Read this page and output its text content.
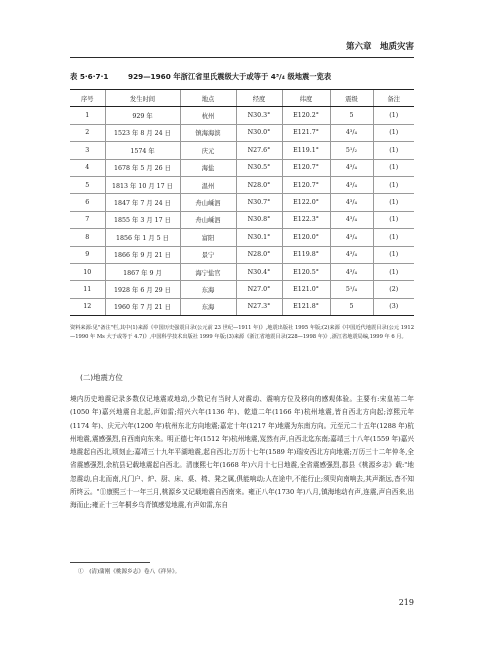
第六章　地质灾害
表 5·6·7·1	929—1960 年浙江省里氏震级大于或等于 4³/₄ 级地震一览表
序号	发生时间	地点	经度	纬度	震级	备注
1	929 年	杭州	N30.3°	E120.2°	5	(1)
2	1523 年 8 月 24 日	镇海海滨	N30.0°	E121.7°	4³/₄	(1)
3	1574 年	庆元	N27.6°	E119.1°	5¹/₂	(1)
4	1678 年 5 月 26 日	海盐	N30.5°	E120.7°	4³/₄	(1)
5	1813 年 10 月 17 日	温州	N28.0°	E120.7°	4³/₄	(1)
6	1847 年 7 月 24 日	舟山嵊泗	N30.7°	E122.0°	4³/₄	(1)
7	1855 年 3 月 17 日	舟山嵊泗	N30.8°	E122.3°	4³/₄	(1)
8	1856 年 1 月 5 日	富阳	N30.1°	E120.0°	4³/₄	(1)
9	1866 年 9 月 21 日	景宁	N28.0°	E119.8°	4³/₄	(1)
10	1867 年 9 月	海宁盐官	N30.4°	E120.5°	4³/₄	(1)
11	1928 年 6 月 29 日	东海	N27.0°	E121.0°	5¹/₄	(2)
12	1960 年 7 月 21 日	东海	N27.3°	E121.8°	5	(3)

资料来源:见"备注"栏,其中(1)来源《中国历史强震目录(公元前 23 世纪—1911 年)》,地震出版社 1995 年版;(2)来源《中国近代地震目录(公元 1912—1990 年 Ms 大于或等于 4.7)》,中国科学技术出版社 1999 年版;(3)来源《浙江省地震目录(228—1998 年)》,浙江省地震局编,1999 年 6 月。

(二)地震方位

境内历史地震记录多数仅记地震或地动,少数记有当时人对震动、震响方位及移向的感观体验。主要有:宋皇祐二年(1050 年)嘉兴地震自北起,声如雷;绍兴六年(1136 年)、乾道二年(1166 年)杭州地震,皆自西北方向起;淳熙元年(1174 年)、庆元六年(1200 年)杭州东北方向地震;嘉定十年(1217 年)地震为东南方向。元至元二十五年(1288 年)杭州地震,震感强烈,自西南向东来。明正德七年(1512 年)杭州地震,岌然有声,自西北迄东南;嘉靖三十八年(1559 年)嘉兴地震起自西北,顷刻止;嘉靖三十九年平湖地震,起自西北;万历十七年(1589 年)瑞安西北方向地震;万历三十二年仲冬,全省震感强烈,余杭县记载地震起自西北。清康熙七年(1668 年)六月十七日地震,全省震感强烈,郡县《桃源乡志》载:"地忽震动,自北而南,凡门户、炉、厨、床、桌、椅、凳之属,俱能响动;人在途中,不能行止;须臾向南响去,其声渐远,杳不知所终云。"①康熙三十一年三月,桃源乡又记载地震自西南来。雍正八年(1730 年)八月,镇海地动有声,连震,声自西来,出海而止;雍正十三年桐乡乌青镇感觉地震,有声如雷,东自

①　(清)蒲刚《桃源乡志》卷八《祥异》。

219
